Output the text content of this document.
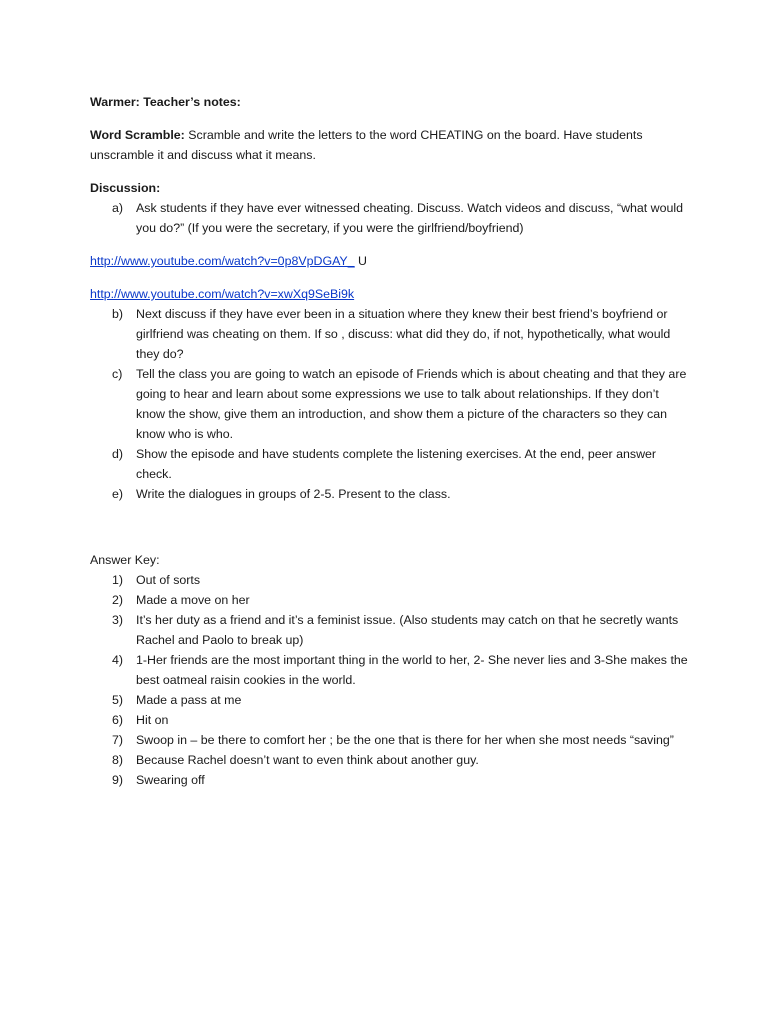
Warmer: Teacher’s notes:

Word Scramble: Scramble and write the letters to the word CHEATING on the board. Have students unscramble it and discuss what it means.

Discussion:

a)	Ask students if they have ever witnessed cheating. Discuss. Watch videos and discuss, “what would you do?” (If you were the secretary, if you were the girlfriend/boyfriend)

http://www.youtube.com/watch?v=0p8VpDGAY_ U

http://www.youtube.com/watch?v=xwXq9SeBi9k

b)	Next discuss if they have ever been in a situation where they knew their best friend’s boyfriend or girlfriend was cheating on them. If so , discuss: what did they do, if not, hypothetically, what would they do?
c)	Tell the class you are going to watch an episode of Friends which is about cheating and that they are going to hear and learn about some expressions we use to talk about relationships. If they don’t know the show, give them an introduction, and show them a picture of the characters so they can know who is who.
d)	Show the episode and have students complete the listening exercises. At the end, peer answer check.
e)	Write the dialogues in groups of 2-5. Present to the class.

Answer Key:

1)	Out of sorts
2)	Made a move on her
3)	It’s her duty as a friend and it’s a feminist issue. (Also students may catch on that he secretly wants Rachel and Paolo to break up)
4)	1-Her friends are the most important thing in the world to her, 2- She never lies and 3-She makes the best oatmeal raisin cookies in the world.
5)	Made a pass at me
6)	Hit on
7)	Swoop in – be there to comfort her ; be the one that is there for her when she most needs “saving”
8)	Because Rachel doesn’t want to even think about another guy.
9)	Swearing off
